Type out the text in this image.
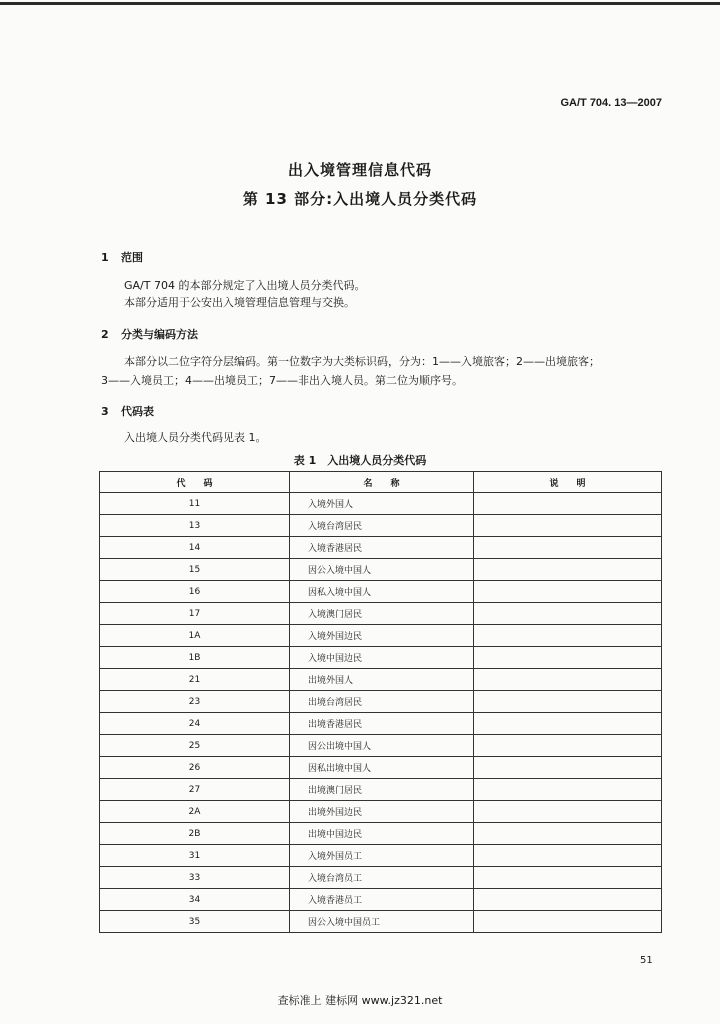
GA/T 704. 13—2007
出入境管理信息代码
第 13 部分:入出境人员分类代码
1 范围
GA/T 704 的本部分规定了入出境人员分类代码。
本部分适用于公安出入境管理信息管理与交换。
2 分类与编码方法
本部分以二位字符分层编码。第一位数字为大类标识码，分为：1——入境旅客；2——出境旅客；
3——入境员工；4——出境员工；7——非出入境人员。第二位为顺序号。
3 代码表
入出境人员分类代码见表 1。
表 1　入出境人员分类代码
代　　码	名　　称	说　　明
11	入境外国人	
13	入境台湾居民	
14	入境香港居民	
15	因公入境中国人	
16	因私入境中国人	
17	入境澳门居民	
1A	入境外国边民	
1B	入境中国边民	
21	出境外国人	
23	出境台湾居民	
24	出境香港居民	
25	因公出境中国人	
26	因私出境中国人	
27	出境澳门居民	
2A	出境外国边民	
2B	出境中国边民	
31	入境外国员工	
33	入境台湾员工	
34	入境香港员工	
35	因公入境中国员工	
51
查标准上 建标网 www.jz321.net
